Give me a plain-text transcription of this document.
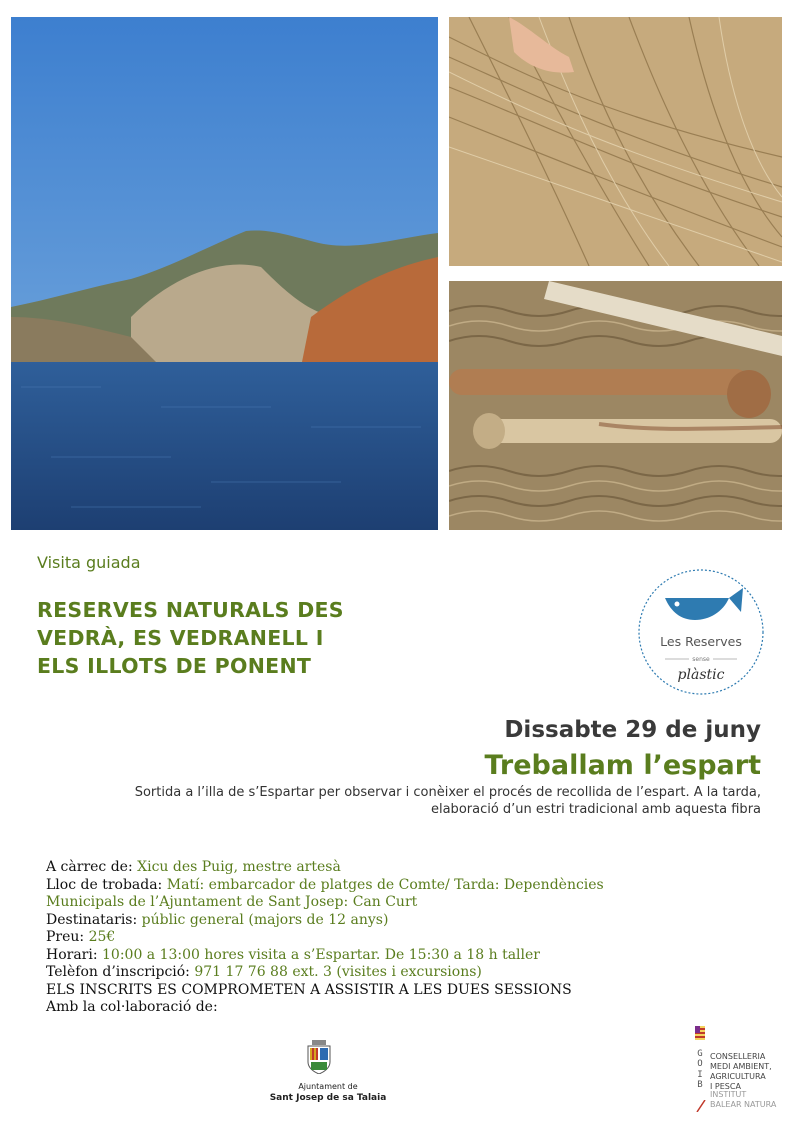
Visita guiada
RESERVES NATURALS DES
VEDRÀ, ES VEDRANELL I
ELS ILLOTS DE PONENT
Les Reserves
sense
plàstic
Dissabte 29 de juny
Treballam l’espart
Sortida a l’illa de s’Espartar per observar i conèixer el procés de recollida de l’espart. A la tarda, elaboració d’un estri tradicional amb aquesta fibra
A càrrec de: Xicu des Puig, mestre artesà
Lloc de trobada: Matí: embarcador de platges de Comte/ Tarda: Dependències
Municipals de l’Ajuntament de Sant Josep: Can Curt
Destinataris: públic general (majors de 12 anys)
Preu: 25€
Horari: 10:00 a 13:00 hores visita a s’Espartar. De 15:30 a 18 h taller
Telèfon d’inscripció: 971 17 76 88 ext. 3 (visites i excursions)
ELS INSCRITS ES COMPROMETEN A ASSISTIR A LES DUES SESSIONS
Amb la col·laboració de:
Ajuntament de
Sant Josep de sa Talaia
G
O
I
B
CONSELLERIA
MEDI AMBIENT,
AGRICULTURA
I PESCA
INSTITUT
BALEAR NATURA
